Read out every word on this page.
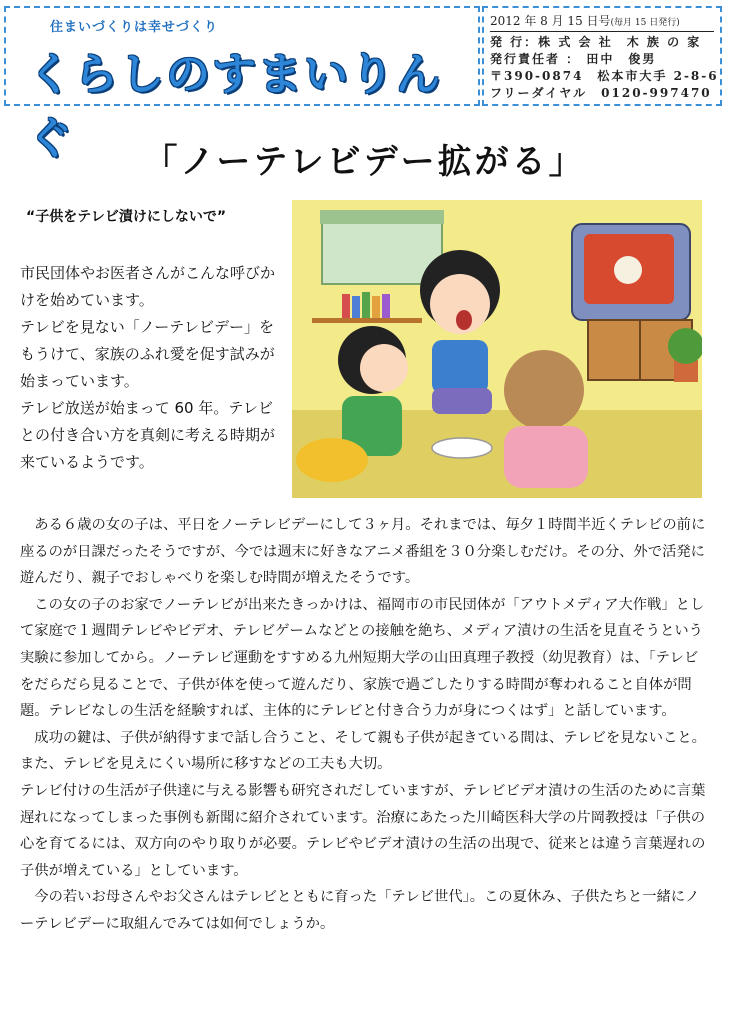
住まいづくりは幸せづくり
くらしのすまいりんぐ
2012 年 8 月 15 日号(毎月 15 日発行)
発 行：株 式 会 社　木 族 の 家
発行責任者 ： 田中　俊男
〒390-0874　松本市大手 2-8-6
フリーダイヤル　0120-997470
「ノーテレビデー拡がる」
“子供をテレビ漬けにしないで”
市民団体やお医者さんがこんな呼びかけを始めています。
テレビを見ない「ノーテレビデー」をもうけて、家族のふれ愛を促す試みが始まっています。
テレビ放送が始まって 60 年。テレビとの付き合い方を真剣に考える時期が来ているようです。

ある６歳の女の子は、平日をノーテレビデーにして３ヶ月。それまでは、毎夕１時間半近くテレビの前に座るのが日課だったそうですが、今では週末に好きなアニメ番組を３０分楽しむだけ。その分、外で活発に遊んだり、親子でおしゃべりを楽しむ時間が増えたそうです。

この女の子のお家でノーテレビが出来たきっかけは、福岡市の市民団体が「アウトメディア大作戦」として家庭で１週間テレビやビデオ、テレビゲームなどとの接触を絶ち、メディア漬けの生活を見直そうという実験に参加してから。ノーテレビ運動をすすめる九州短期大学の山田真理子教授（幼児教育）は、「テレビをだらだら見ることで、子供が体を使って遊んだり、家族で過ごしたりする時間が奪われること自体が問題。テレビなしの生活を経験すれば、主体的にテレビと付き合う力が身につくはず」と話しています。

成功の鍵は、子供が納得すまで話し合うこと、そして親も子供が起きている間は、テレビを見ないこと。また、テレビを見えにくい場所に移すなどの工夫も大切。

テレビ付けの生活が子供達に与える影響も研究されだしていますが、テレビビデオ漬けの生活のために言葉遅れになってしまった事例も新聞に紹介されています。治療にあたった川崎医科大学の片岡教授は「子供の心を育てるには、双方向のやり取りが必要。テレビやビデオ漬けの生活の出現で、従来とは違う言葉遅れの子供が増えている」としています。

今の若いお母さんやお父さんはテレビとともに育った「テレビ世代」。この夏休み、子供たちと一緒にノーテレビデーに取組んでみては如何でしょうか。
